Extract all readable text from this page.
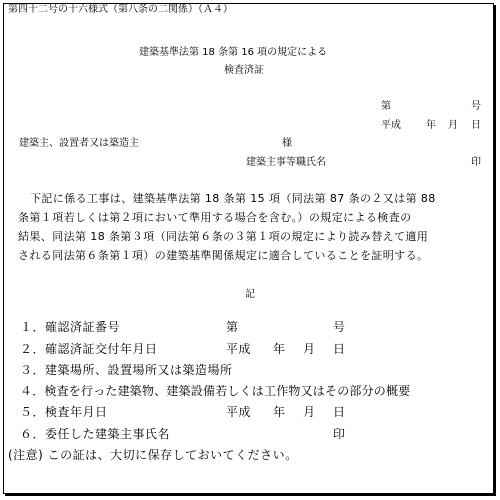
第四十二号の十六様式（第八条の二関係）（Ａ４）
建築基準法第 18 条第 16 項の規定による
検査済証
第	号
平成	年 月 日
建築主、設置者又は築造主	様
建築主事等職氏名	印
下記に係る工事は、建築基準法第 18 条第 15 項（同法第 87 条の２又は第 88
条第１項若しくは第２項において準用する場合を含む。）の規定による検査の
結果、同法第 18 条第３項（同法第６条の３第１項の規定により読み替えて適用
される同法第６条第１項）の建築基準関係規定に適合していることを証明する。
記
１．確認済証番号	第	号
２．確認済証交付年月日	平成 年 月 日
３．建築場所、設置場所又は築造場所
４．検査を行った建築物、建築設備若しくは工作物又はその部分の概要
５．検査年月日	平成 年 月 日
６．委任した建築主事氏名	印
(注意) この証は、大切に保存しておいてください。
